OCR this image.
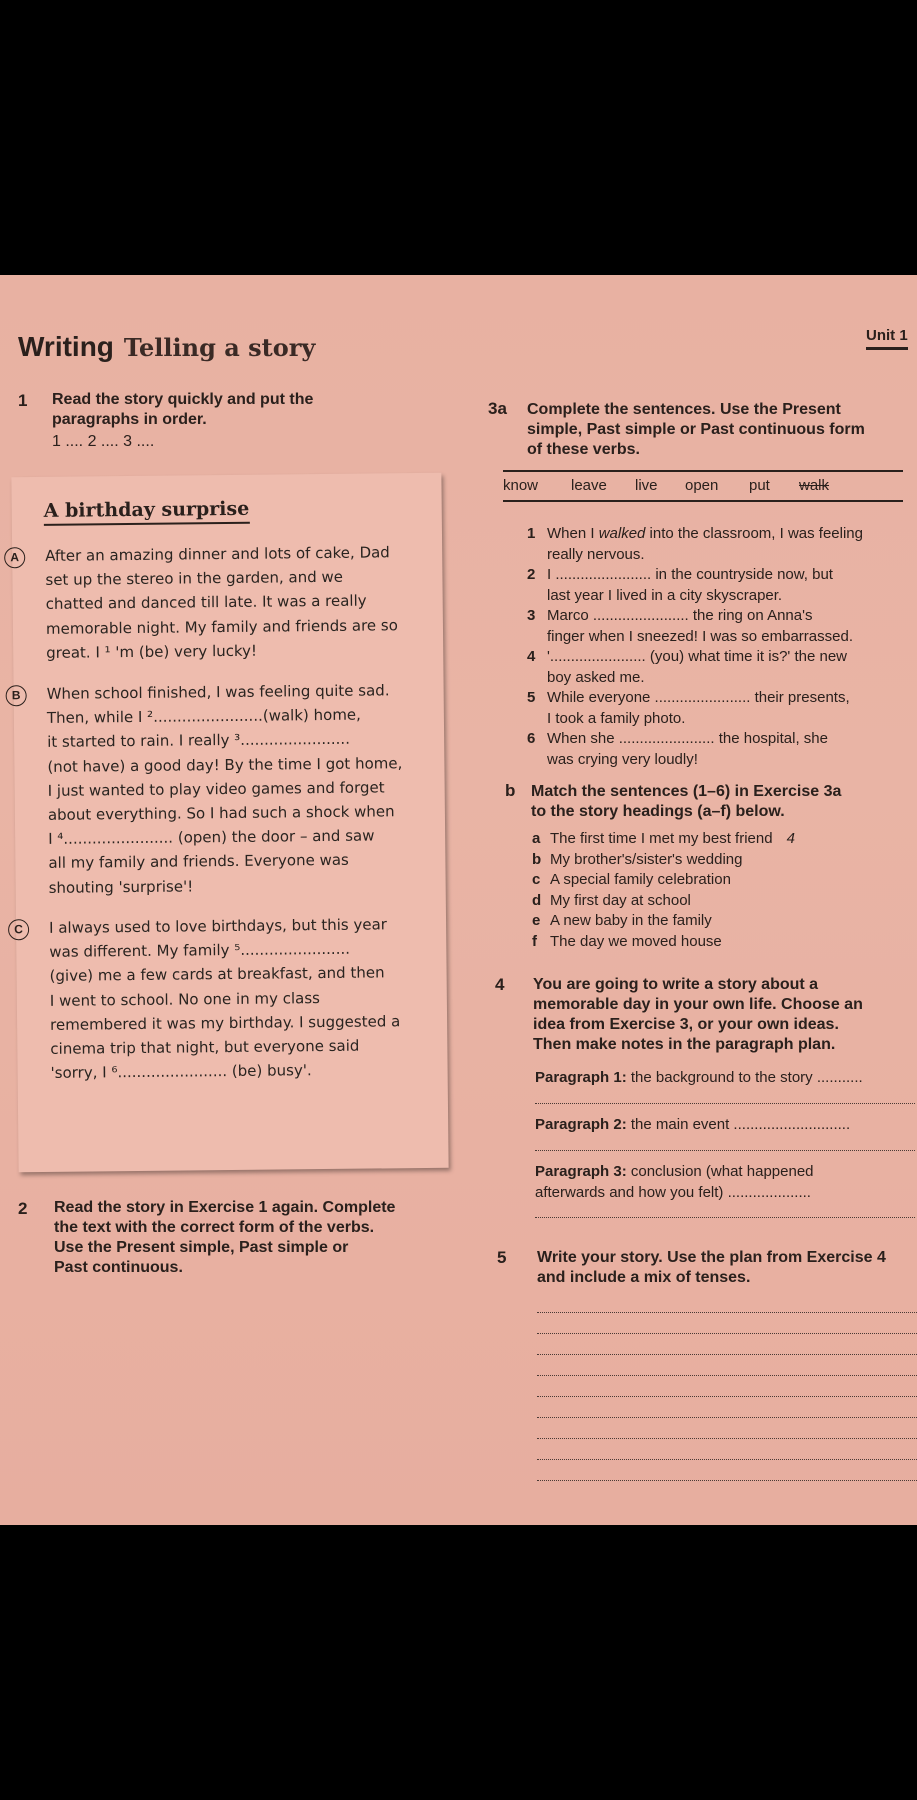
Unit 1
Writing Telling a story
1 Read the story quickly and put the
paragraphs in order.
1 .... 2 .... 3 ....
A birthday surprise
A	After an amazing dinner and lots of cake, Dad
set up the stereo in the garden, and we
chatted and danced till late. It was a really
memorable night. My family and friends are so
great. I ¹ 'm (be) very lucky!
B	When school finished, I was feeling quite sad.
Then, while I ².......................(walk) home,
it started to rain. I really ³.......................
(not have) a good day! By the time I got home,
I just wanted to play video games and forget
about everything. So I had such a shock when
I ⁴....................... (open) the door – and saw
all my family and friends. Everyone was
shouting 'surprise'!
C	I always used to love birthdays, but this year
was different. My family ⁵.......................
(give) me a few cards at breakfast, and then
I went to school. No one in my class
remembered it was my birthday. I suggested a
cinema trip that night, but everyone said
'sorry, I ⁶....................... (be) busy'.
2 Read the story in Exercise 1 again. Complete
the text with the correct form of the verbs.
Use the Present simple, Past simple or
Past continuous.
3a Complete the sentences. Use the Present
simple, Past simple or Past continuous form
of these verbs.
know leave live open put walk
1 When I walked into the classroom, I was feeling
really nervous.
2 I ....................... in the countryside now, but
last year I lived in a city skyscraper.
3 Marco ....................... the ring on Anna's
finger when I sneezed! I was so embarrassed.
4 '....................... (you) what time it is?' the new
boy asked me.
5 While everyone ....................... their presents,
I took a family photo.
6 When she ....................... the hospital, she
was crying very loudly!
b Match the sentences (1–6) in Exercise 3a
to the story headings (a–f) below.
a The first time I met my best friend 4
b My brother's/sister's wedding
c A special family celebration
d My first day at school
e A new baby in the family
f The day we moved house
4 You are going to write a story about a
memorable day in your own life. Choose an
idea from Exercise 3, or your own ideas.
Then make notes in the paragraph plan.
Paragraph 1: the background to the story ...........
Paragraph 2: the main event ............................
Paragraph 3: conclusion (what happened
afterwards and how you felt) ....................
5 Write your story. Use the plan from Exercise 4
and include a mix of tenses.
